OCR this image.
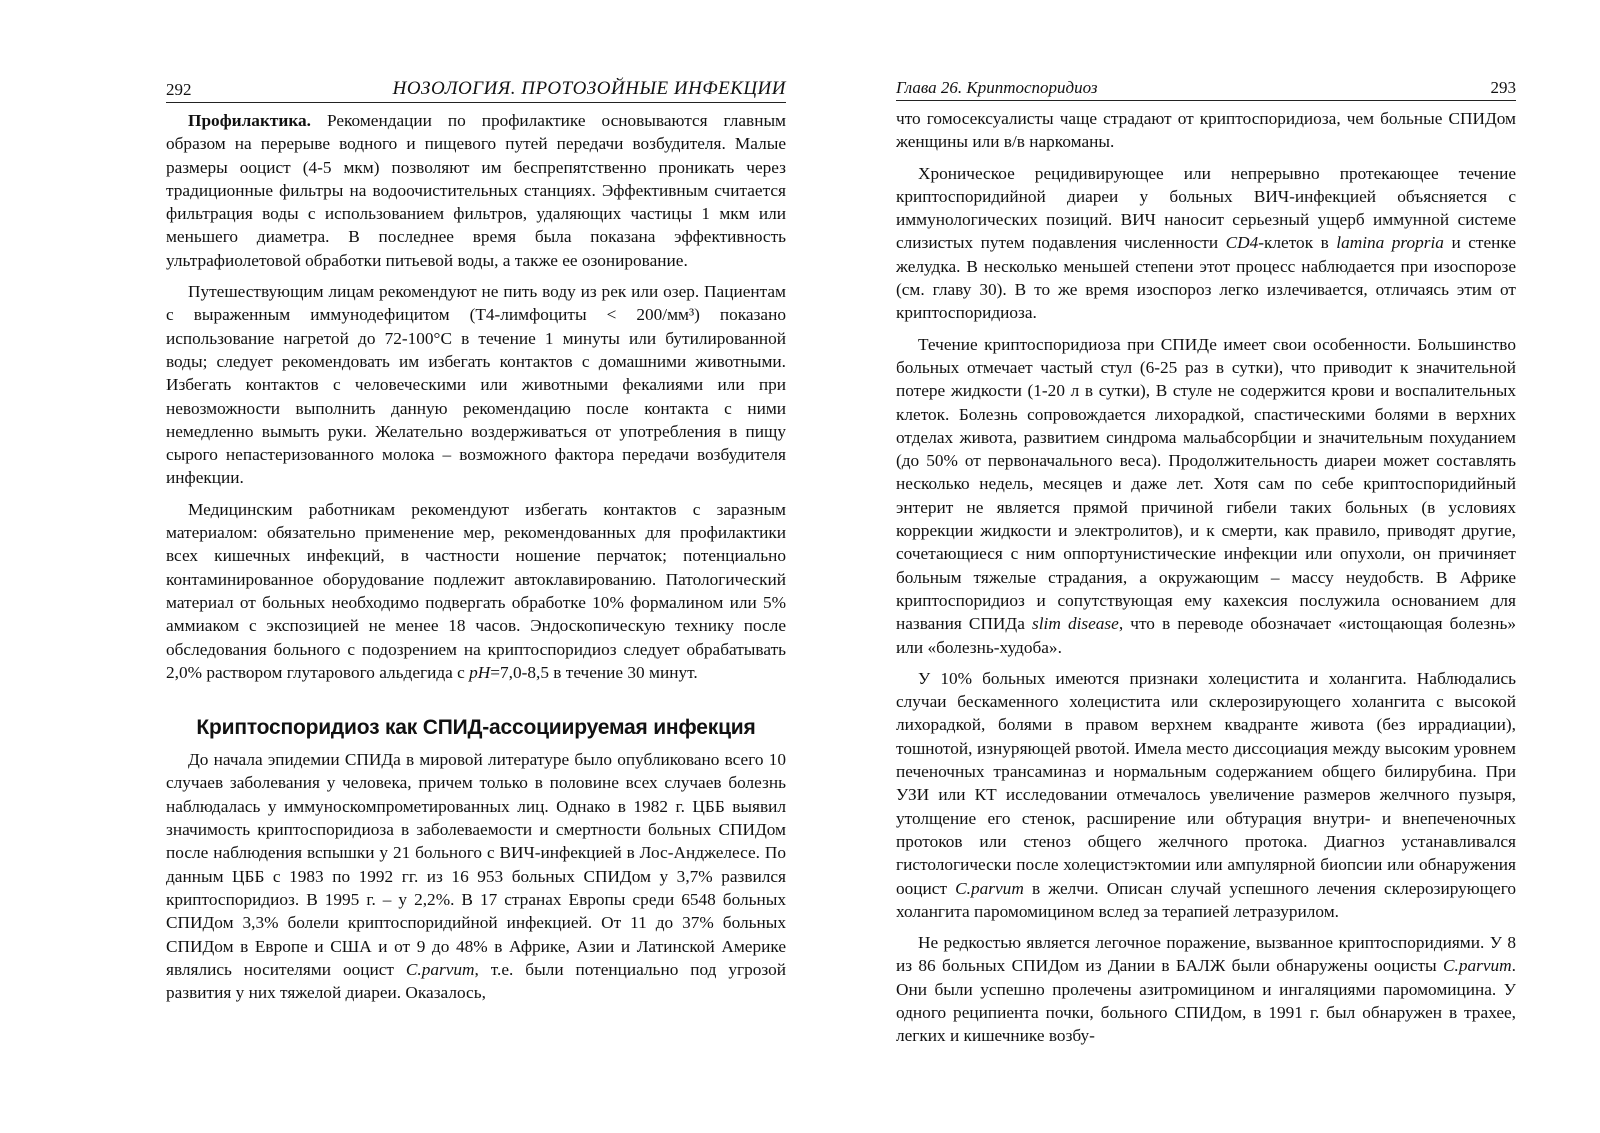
292	НОЗОЛОГИЯ. ПРОТОЗОЙНЫЕ ИНФЕКЦИИ

Профилактика. Рекомендации по профилактике основываются главным образом на перерыве водного и пищевого путей передачи возбудителя. Малые размеры ооцист (4-5 мкм) позволяют им беспрепятственно проникать через традиционные фильтры на водоочистительных станциях. Эффективным считается фильтрация воды с использованием фильтров, удаляющих частицы 1 мкм или меньшего диаметра. В последнее время была показана эффективность ультрафиолетовой обработки питьевой воды, а также ее озонирование.

Путешествующим лицам рекомендуют не пить воду из рек или озер. Пациентам с выраженным иммунодефицитом (Т4-лимфоциты < 200/мм³) показано использование нагретой до 72-100°С в течение 1 минуты или бутилированной воды; следует рекомендовать им избегать контактов с домашними животными. Избегать контактов с человеческими или животными фекалиями или при невозможности выполнить данную рекомендацию после контакта с ними немедленно вымыть руки. Желательно воздерживаться от употребления в пищу сырого непастеризованного молока – возможного фактора передачи возбудителя инфекции.

Медицинским работникам рекомендуют избегать контактов с заразным материалом: обязательно применение мер, рекомендованных для профилактики всех кишечных инфекций, в частности ношение перчаток; потенциально контаминированное оборудование подлежит автоклавированию. Патологический материал от больных необходимо подвергать обработке 10% формалином или 5% аммиаком с экспозицией не менее 18 часов. Эндоскопическую технику после обследования больного с подозрением на криптоспоридиоз следует обрабатывать 2,0% раствором глутарового альдегида с pH=7,0-8,5 в течение 30 минут.

Криптоспоридиоз как СПИД-ассоциируемая инфекция

До начала эпидемии СПИДа в мировой литературе было опубликовано всего 10 случаев заболевания у человека, причем только в половине всех случаев болезнь наблюдалась у иммуноскомпрометированных лиц. Однако в 1982 г. ЦББ выявил значимость криптоспоридиоза в заболеваемости и смертности больных СПИДом после наблюдения вспышки у 21 больного с ВИЧ-инфекцией в Лос-Анджелесе. По данным ЦББ с 1983 по 1992 гг. из 16 953 больных СПИДом у 3,7% развился криптоспоридиоз. В 1995 г. – у 2,2%. В 17 странах Европы среди 6548 больных СПИДом 3,3% болели криптоспоридийной инфекцией. От 11 до 37% больных СПИДом в Европе и США и от 9 до 48% в Африке, Азии и Латинской Америке являлись носителями ооцист C.parvum, т.е. были потенциально под угрозой развития у них тяжелой диареи. Оказалось,

Глава 26. Криптоспоридиоз	293

что гомосексуалисты чаще страдают от криптоспоридиоза, чем больные СПИДом женщины или в/в наркоманы.

Хроническое рецидивирующее или непрерывно протекающее течение криптоспоридийной диареи у больных ВИЧ-инфекцией объясняется с иммунологических позиций. ВИЧ наносит серьезный ущерб иммунной системе слизистых путем подавления численности CD4-клеток в lamina propria и стенке желудка. В несколько меньшей степени этот процесс наблюдается при изоспорозе (см. главу 30). В то же время изоспороз легко излечивается, отличаясь этим от криптоспоридиоза.

Течение криптоспоридиоза при СПИДе имеет свои особенности. Большинство больных отмечает частый стул (6-25 раз в сутки), что приводит к значительной потере жидкости (1-20 л в сутки), В стуле не содержится крови и воспалительных клеток. Болезнь сопровождается лихорадкой, спастическими болями в верхних отделах живота, развитием синдрома мальабсорбции и значительным похуданием (до 50% от первоначального веса). Продолжительность диареи может составлять несколько недель, месяцев и даже лет. Хотя сам по себе криптоспоридийный энтерит не является прямой причиной гибели таких больных (в условиях коррекции жидкости и электролитов), и к смерти, как правило, приводят другие, сочетающиеся с ним оппортунистические инфекции или опухоли, он причиняет больным тяжелые страдания, а окружающим – массу неудобств. В Африке криптоспоридиоз и сопутствующая ему кахексия послужила основанием для названия СПИДа slim disease, что в переводе обозначает «истощающая болезнь» или «болезнь-худоба».

У 10% больных имеются признаки холецистита и холангита. Наблюдались случаи бескаменного холецистита или склерозирующего холангита с высокой лихорадкой, болями в правом верхнем квадранте живота (без иррадиации), тошнотой, изнуряющей рвотой. Имела место диссоциация между высоким уровнем печеночных трансаминаз и нормальным содержанием общего билирубина. При УЗИ или КТ исследовании отмечалось увеличение размеров желчного пузыря, утолщение его стенок, расширение или обтурация внутри- и внепеченочных протоков или стеноз общего желчного протока. Диагноз устанавливался гистологически после холецистэктомии или ампулярной биопсии или обнаружения ооцист C.parvum в желчи. Описан случай успешного лечения склерозирующего холангита паромомицином вслед за терапией летразурилом.

Не редкостью является легочное поражение, вызванное криптоспоридиями. У 8 из 86 больных СПИДом из Дании в БАЛЖ были обнаружены ооцисты C.parvum. Они были успешно пролечены азитромицином и ингаляциями паромомицина. У одного реципиента почки, больного СПИДом, в 1991 г. был обнаружен в трахее, легких и кишечнике возбу-
